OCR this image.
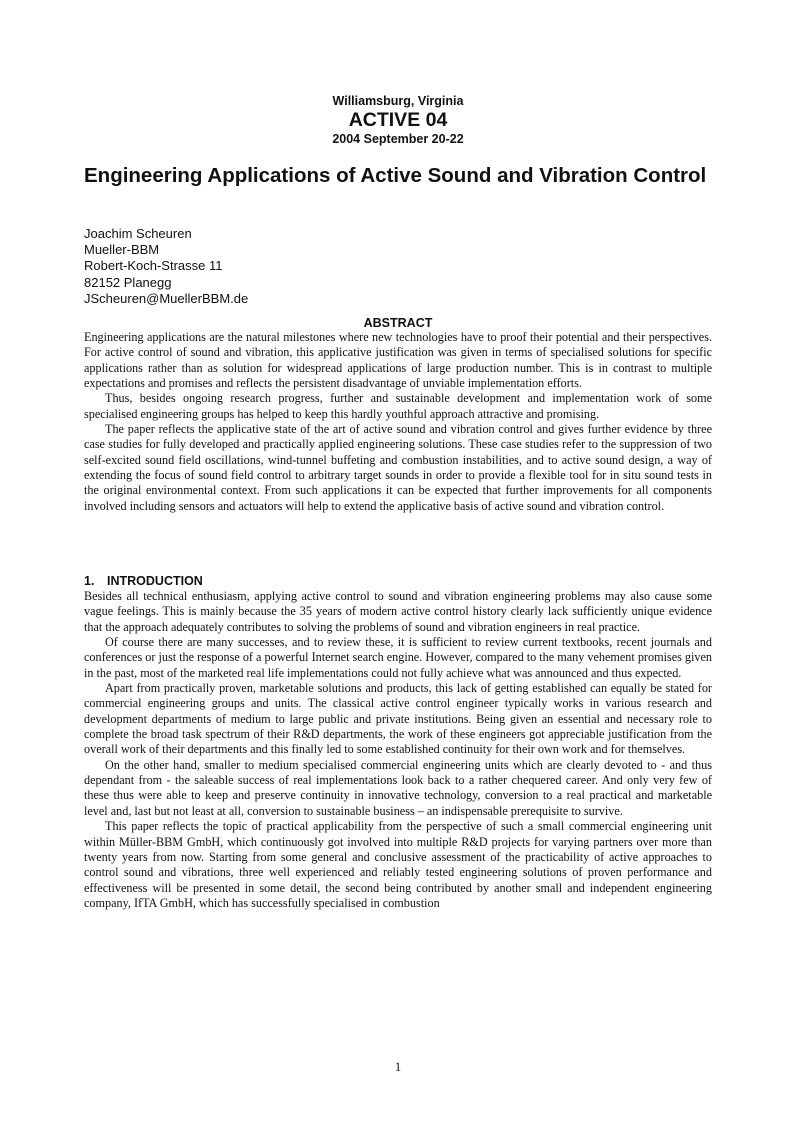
Williamsburg, Virginia
ACTIVE 04
2004 September 20-22
Engineering Applications of Active Sound and Vibration Control
Joachim Scheuren
Mueller-BBM
Robert-Koch-Strasse 11
82152 Planegg
JScheuren@MuellerBBM.de
ABSTRACT

Engineering applications are the natural milestones where new technologies have to proof their potential and their perspectives. For active control of sound and vibration, this applicative justification was given in terms of specialised solutions for specific applications rather than as solution for widespread applications of large production number. This is in contrast to multiple expectations and promises and reflects the persistent disadvantage of unviable implementation efforts.

Thus, besides ongoing research progress, further and sustainable development and implementation work of some specialised engineering groups has helped to keep this hardly youthful approach attractive and promising.

The paper reflects the applicative state of the art of active sound and vibration control and gives further evidence by three case studies for fully developed and practically applied engineering solutions. These case studies refer to the suppression of two self-excited sound field oscillations, wind-tunnel buffeting and combustion instabilities, and to active sound design, a way of extending the focus of sound field control to arbitrary target sounds in order to provide a flexible tool for in situ sound tests in the original environmental context. From such applications it can be expected that further improvements for all components involved including sensors and actuators will help to extend the applicative basis of active sound and vibration control.

1. INTRODUCTION

Besides all technical enthusiasm, applying active control to sound and vibration engineering problems may also cause some vague feelings. This is mainly because the 35 years of modern active control history clearly lack sufficiently unique evidence that the approach adequately contributes to solving the problems of sound and vibration engineers in real practice.

Of course there are many successes, and to review these, it is sufficient to review current textbooks, recent journals and conferences or just the response of a powerful Internet search engine. However, compared to the many vehement promises given in the past, most of the marketed real life implementations could not fully achieve what was announced and thus expected.

Apart from practically proven, marketable solutions and products, this lack of getting established can equally be stated for commercial engineering groups and units. The classical active control engineer typically works in various research and development departments of medium to large public and private institutions. Being given an essential and necessary role to complete the broad task spectrum of their R&D departments, the work of these engineers got appreciable justification from the overall work of their departments and this finally led to some established continuity for their own work and for themselves.

On the other hand, smaller to medium specialised commercial engineering units which are clearly devoted to - and thus dependant from - the saleable success of real implementations look back to a rather chequered career. And only very few of these thus were able to keep and preserve continuity in innovative technology, conversion to a real practical and marketable level and, last but not least at all, conversion to sustainable business – an indispensable prerequisite to survive.

This paper reflects the topic of practical applicability from the perspective of such a small commercial engineering unit within Müller-BBM GmbH, which continuously got involved into multiple R&D projects for varying partners over more than twenty years from now. Starting from some general and conclusive assessment of the practicability of active approaches to control sound and vibrations, three well experienced and reliably tested engineering solutions of proven performance and effectiveness will be presented in some detail, the second being contributed by another small and independent engineering company, IfTA GmbH, which has successfully specialised in combustion

1
